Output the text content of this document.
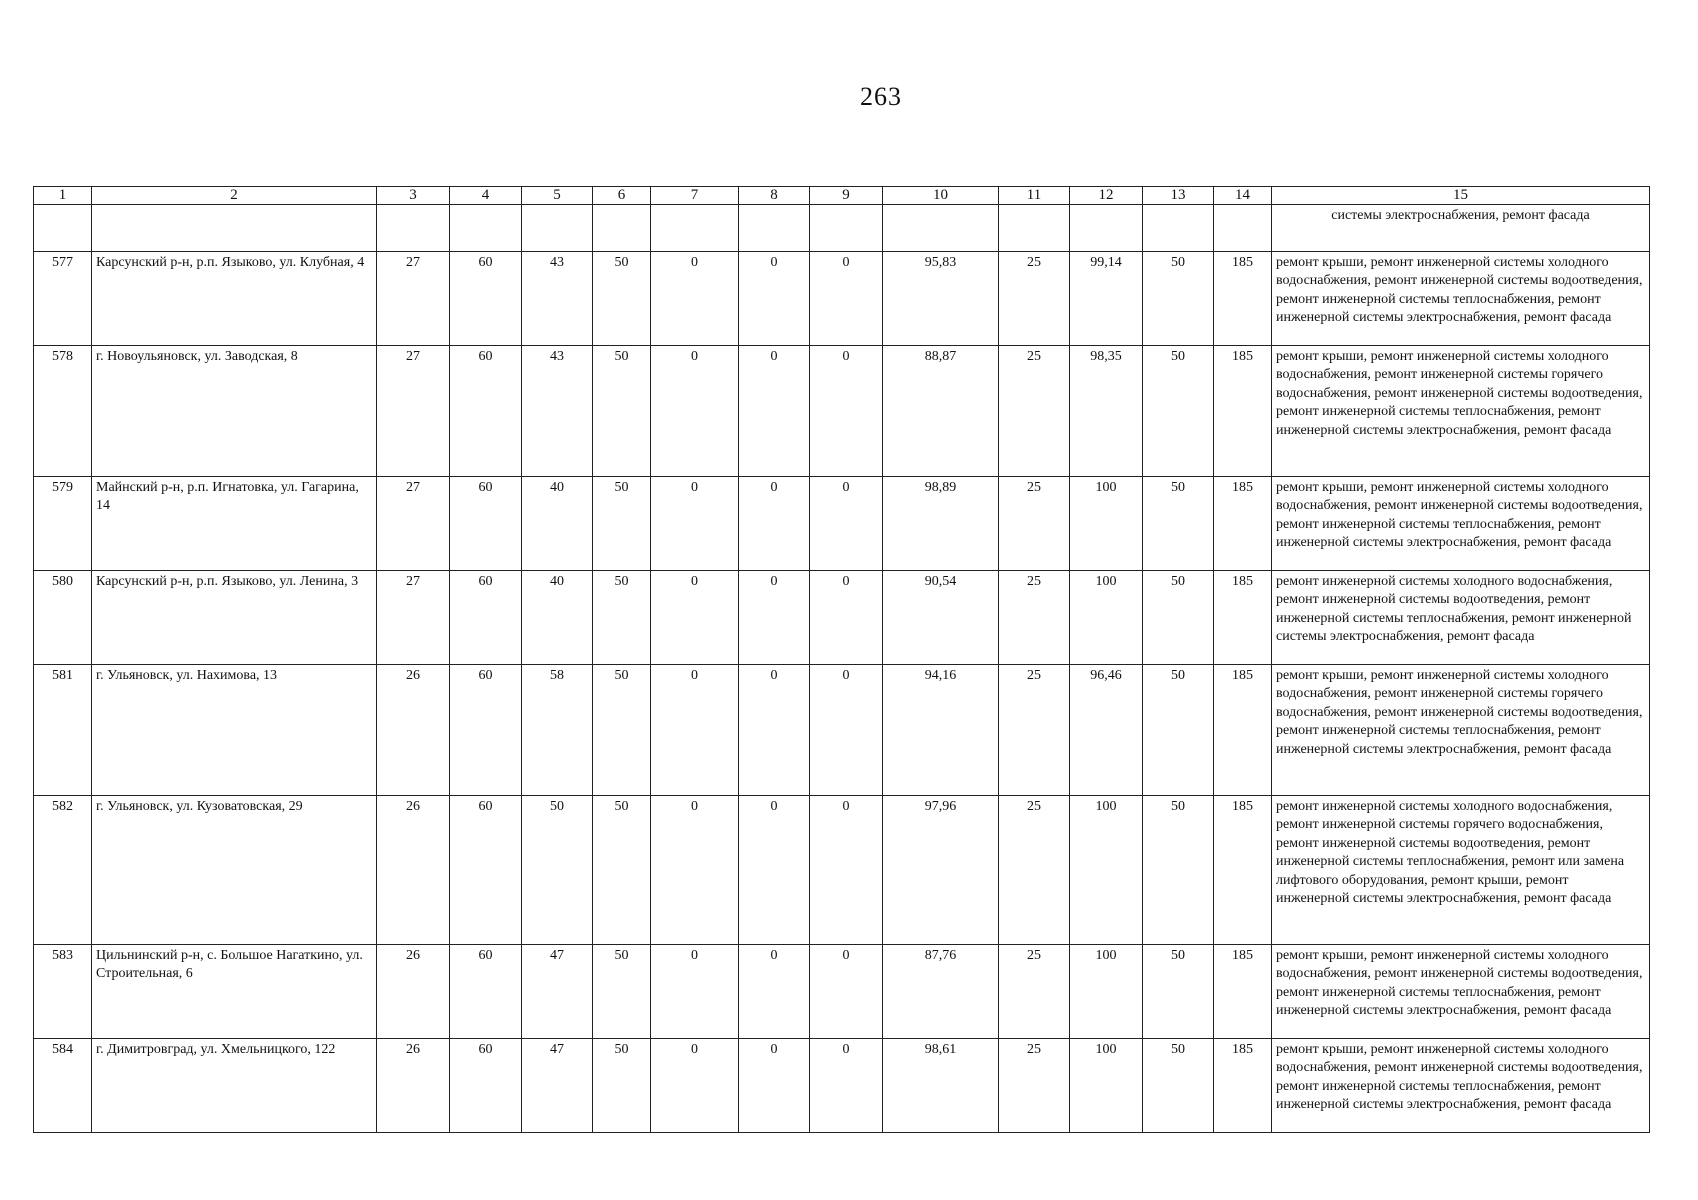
263
1	2	3	4	5	6	7	8	9	10	11	12	13	14	15
														системы электроснабжения, ремонт фасада
577	Карсунский р-н, р.п. Языково, ул. Клубная, 4	27	60	43	50	0	0	0	95,83	25	99,14	50	185	ремонт крыши, ремонт инженерной системы холодного водоснабжения, ремонт инженерной системы водоотведения, ремонт инженерной системы теплоснабжения, ремонт инженерной системы электроснабжения, ремонт фасада
578	г. Новоульяновск, ул. Заводская, 8	27	60	43	50	0	0	0	88,87	25	98,35	50	185	ремонт крыши, ремонт инженерной системы холодного водоснабжения, ремонт инженерной системы горячего водоснабжения, ремонт инженерной системы водоотведения, ремонт инженерной системы теплоснабжения, ремонт инженерной системы электроснабжения, ремонт фасада
579	Майнский р-н, р.п. Игнатовка, ул. Гагарина, 14	27	60	40	50	0	0	0	98,89	25	100	50	185	ремонт крыши, ремонт инженерной системы холодного водоснабжения, ремонт инженерной системы водоотведения, ремонт инженерной системы теплоснабжения, ремонт инженерной системы электроснабжения, ремонт фасада
580	Карсунский р-н, р.п. Языково, ул. Ленина, 3	27	60	40	50	0	0	0	90,54	25	100	50	185	ремонт инженерной системы холодного водоснабжения, ремонт инженерной системы водоотведения, ремонт инженерной системы теплоснабжения, ремонт инженерной системы электроснабжения, ремонт фасада
581	г. Ульяновск, ул. Нахимова, 13	26	60	58	50	0	0	0	94,16	25	96,46	50	185	ремонт крыши, ремонт инженерной системы холодного водоснабжения, ремонт инженерной системы горячего водоснабжения, ремонт инженерной системы водоотведения, ремонт инженерной системы теплоснабжения, ремонт инженерной системы электроснабжения, ремонт фасада
582	г. Ульяновск, ул. Кузоватовская, 29	26	60	50	50	0	0	0	97,96	25	100	50	185	ремонт инженерной системы холодного водоснабжения, ремонт инженерной системы горячего водоснабжения, ремонт инженерной системы водоотведения, ремонт инженерной системы теплоснабжения, ремонт или замена лифтового оборудования, ремонт крыши, ремонт инженерной системы электроснабжения, ремонт фасада
583	Цильнинский р-н, с. Большое Нагаткино, ул. Строительная, 6	26	60	47	50	0	0	0	87,76	25	100	50	185	ремонт крыши, ремонт инженерной системы холодного водоснабжения, ремонт инженерной системы водоотведения, ремонт инженерной системы теплоснабжения, ремонт инженерной системы электроснабжения, ремонт фасада
584	г. Димитровград, ул. Хмельницкого, 122	26	60	47	50	0	0	0	98,61	25	100	50	185	ремонт крыши, ремонт инженерной системы холодного водоснабжения, ремонт инженерной системы водоотведения, ремонт инженерной системы теплоснабжения, ремонт инженерной системы электроснабжения, ремонт фасада
